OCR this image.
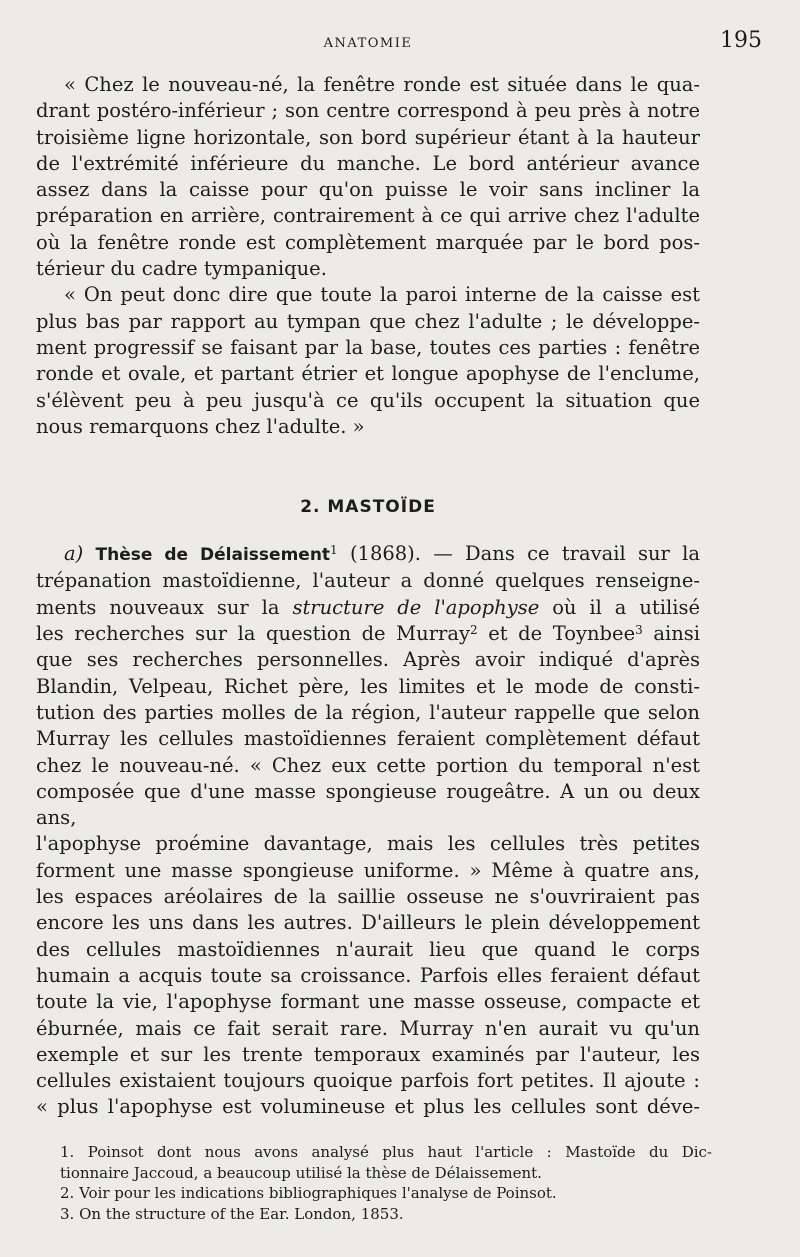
ANATOMIE	195

« Chez le nouveau-né, la fenêtre ronde est située dans le qua-

drant postéro-inférieur ; son centre correspond à peu près à notre

troisième ligne horizontale, son bord supérieur étant à la hauteur

de l'extrémité inférieure du manche. Le bord antérieur avance

assez dans la caisse pour qu'on puisse le voir sans incliner la

préparation en arrière, contrairement à ce qui arrive chez l'adulte

où la fenêtre ronde est complètement marquée par le bord pos-

térieur du cadre tympanique.

« On peut donc dire que toute la paroi interne de la caisse est

plus bas par rapport au tympan que chez l'adulte ; le développe-

ment progressif se faisant par la base, toutes ces parties : fenêtre

ronde et ovale, et partant étrier et longue apophyse de l'enclume,

s'élèvent peu à peu jusqu'à ce qu'ils occupent la situation que

nous remarquons chez l'adulte. »

2. MASTOÏDE

a) Thèse de Délaissement$^1$ (1868). — Dans ce travail sur la

trépanation mastoïdienne, l'auteur a donné quelques renseigne-

ments nouveaux sur la structure de l'apophyse où il a utilisé

les recherches sur la question de Murray$^2$ et de Toynbee$^3$ ainsi

que ses recherches personnelles. Après avoir indiqué d'après

Blandin, Velpeau, Richet père, les limites et le mode de consti-

tution des parties molles de la région, l'auteur rappelle que selon

Murray les cellules mastoïdiennes feraient complètement défaut

chez le nouveau-né. « Chez eux cette portion du temporal n'est

composée que d'une masse spongieuse rougeâtre. A un ou deux ans,

l'apophyse proémine davantage, mais les cellules très petites

forment une masse spongieuse uniforme. » Même à quatre ans,

les espaces aréolaires de la saillie osseuse ne s'ouvriraient pas

encore les uns dans les autres. D'ailleurs le plein développement

des cellules mastoïdiennes n'aurait lieu que quand le corps

humain a acquis toute sa croissance. Parfois elles feraient défaut

toute la vie, l'apophyse formant une masse osseuse, compacte et

éburnée, mais ce fait serait rare. Murray n'en aurait vu qu'un

exemple et sur les trente temporaux examinés par l'auteur, les

cellules existaient toujours quoique parfois fort petites. Il ajoute :

« plus l'apophyse est volumineuse et plus les cellules sont déve-

1. Poinsot dont nous avons analysé plus haut l'article : Mastoïde du Dic-

tionnaire Jaccoud, a beaucoup utilisé la thèse de Délaissement.

2. Voir pour les indications bibliographiques l'analyse de Poinsot.

3. On the structure of the Ear. London, 1853.
